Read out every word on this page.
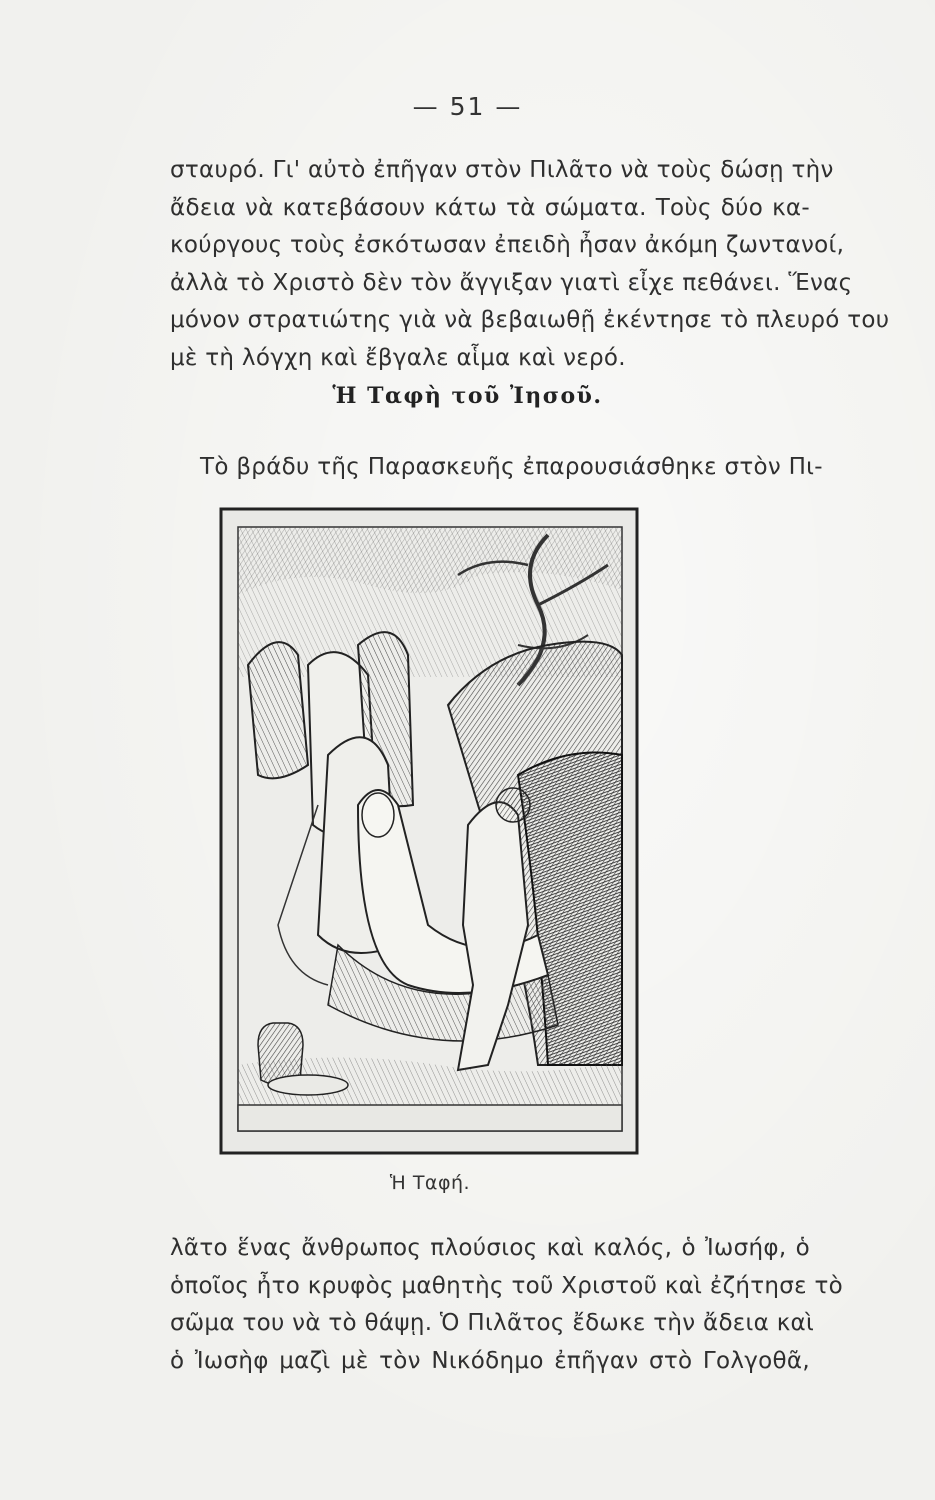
— 51 —
σταυρό. Γι' αὐτὸ ἐπῆγαν στὸν Πιλᾶτο νὰ τοὺς δώσῃ τὴν
ἄδεια νὰ κατεβάσουν κάτω τὰ σώματα. Τοὺς δύο κα-
κούργους τοὺς ἐσκότωσαν ἐπειδὴ ἦσαν ἀκόμη ζωντανοί,
ἀλλὰ τὸ Χριστὸ δὲν τὸν ἄγγιξαν γιατὶ εἶχε πεθάνει. Ἕνας
μόνον στρατιώτης γιὰ νὰ βεβαιωθῇ ἐκέντησε τὸ πλευρό του
μὲ τὴ λόγχη καὶ ἔβγαλε αἷμα καὶ νερό.
Ἡ Ταφὴ τοῦ Ἰησοῦ.
Τὸ βράδυ τῆς Παρασκευῆς ἐπαρουσιάσθηκε στὸν Πι-
Ἡ Ταφή.
λᾶτο ἕνας ἄνθρωπος πλούσιος καὶ καλός, ὁ Ἰωσήφ, ὁ
ὁποῖος ἦτο κρυφὸς μαθητὴς τοῦ Χριστοῦ καὶ ἐζήτησε τὸ
σῶμα του νὰ τὸ θάψῃ. Ὁ Πιλᾶτος ἔδωκε τὴν ἄδεια καὶ
ὁ Ἰωσὴφ μαζὶ μὲ τὸν Νικόδημο ἐπῆγαν στὸ Γολγοθᾶ,
